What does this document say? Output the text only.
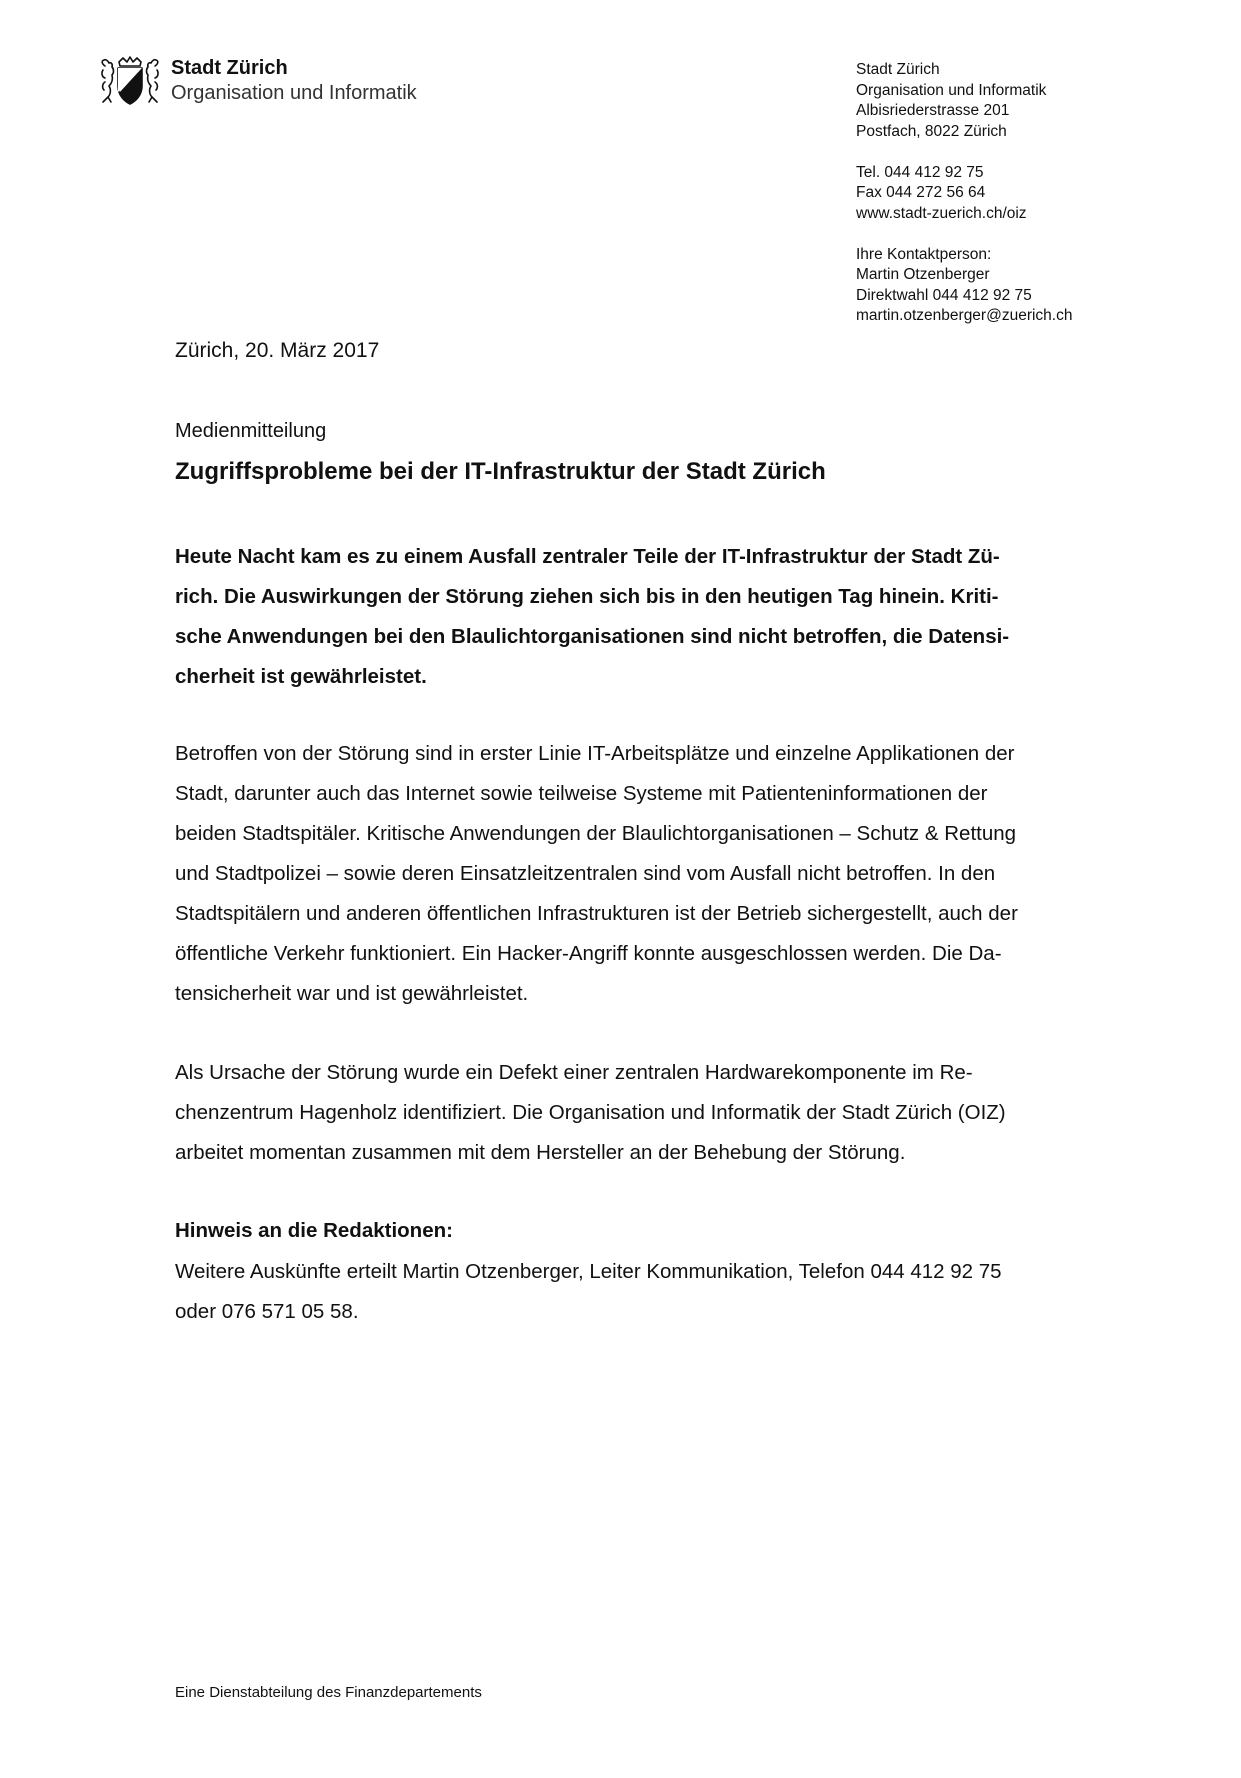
Stadt Zürich
Organisation und Informatik
Stadt Zürich
Organisation und Informatik
Albisriederstrasse 201
Postfach, 8022 Zürich
Tel. 044 412 92 75
Fax 044 272 56 64
www.stadt-zuerich.ch/oiz
Ihre Kontaktperson:
Martin Otzenberger
Direktwahl 044 412 92 75
martin.otzenberger@zuerich.ch
Zürich, 20. März 2017
Medienmitteilung
Zugriffsprobleme bei der IT-Infrastruktur der Stadt Zürich
Heute Nacht kam es zu einem Ausfall zentraler Teile der IT-Infrastruktur der Stadt Zü-
rich. Die Auswirkungen der Störung ziehen sich bis in den heutigen Tag hinein. Kriti-
sche Anwendungen bei den Blaulichtorganisationen sind nicht betroffen, die Datensi-
cherheit ist gewährleistet.
Betroffen von der Störung sind in erster Linie IT-Arbeitsplätze und einzelne Applikationen der
Stadt, darunter auch das Internet sowie teilweise Systeme mit Patienteninformationen der
beiden Stadtspitäler. Kritische Anwendungen der Blaulichtorganisationen – Schutz & Rettung
und Stadtpolizei – sowie deren Einsatzleitzentralen sind vom Ausfall nicht betroffen. In den
Stadtspitälern und anderen öffentlichen Infrastrukturen ist der Betrieb sichergestellt, auch der
öffentliche Verkehr funktioniert. Ein Hacker-Angriff konnte ausgeschlossen werden. Die Da-
tensicherheit war und ist gewährleistet.
Als Ursache der Störung wurde ein Defekt einer zentralen Hardwarekomponente im Re-
chenzentrum Hagenholz identifiziert. Die Organisation und Informatik der Stadt Zürich (OIZ)
arbeitet momentan zusammen mit dem Hersteller an der Behebung der Störung.
Hinweis an die Redaktionen:
Weitere Auskünfte erteilt Martin Otzenberger, Leiter Kommunikation, Telefon 044 412 92 75
oder 076 571 05 58.
Eine Dienstabteilung des Finanzdepartements
